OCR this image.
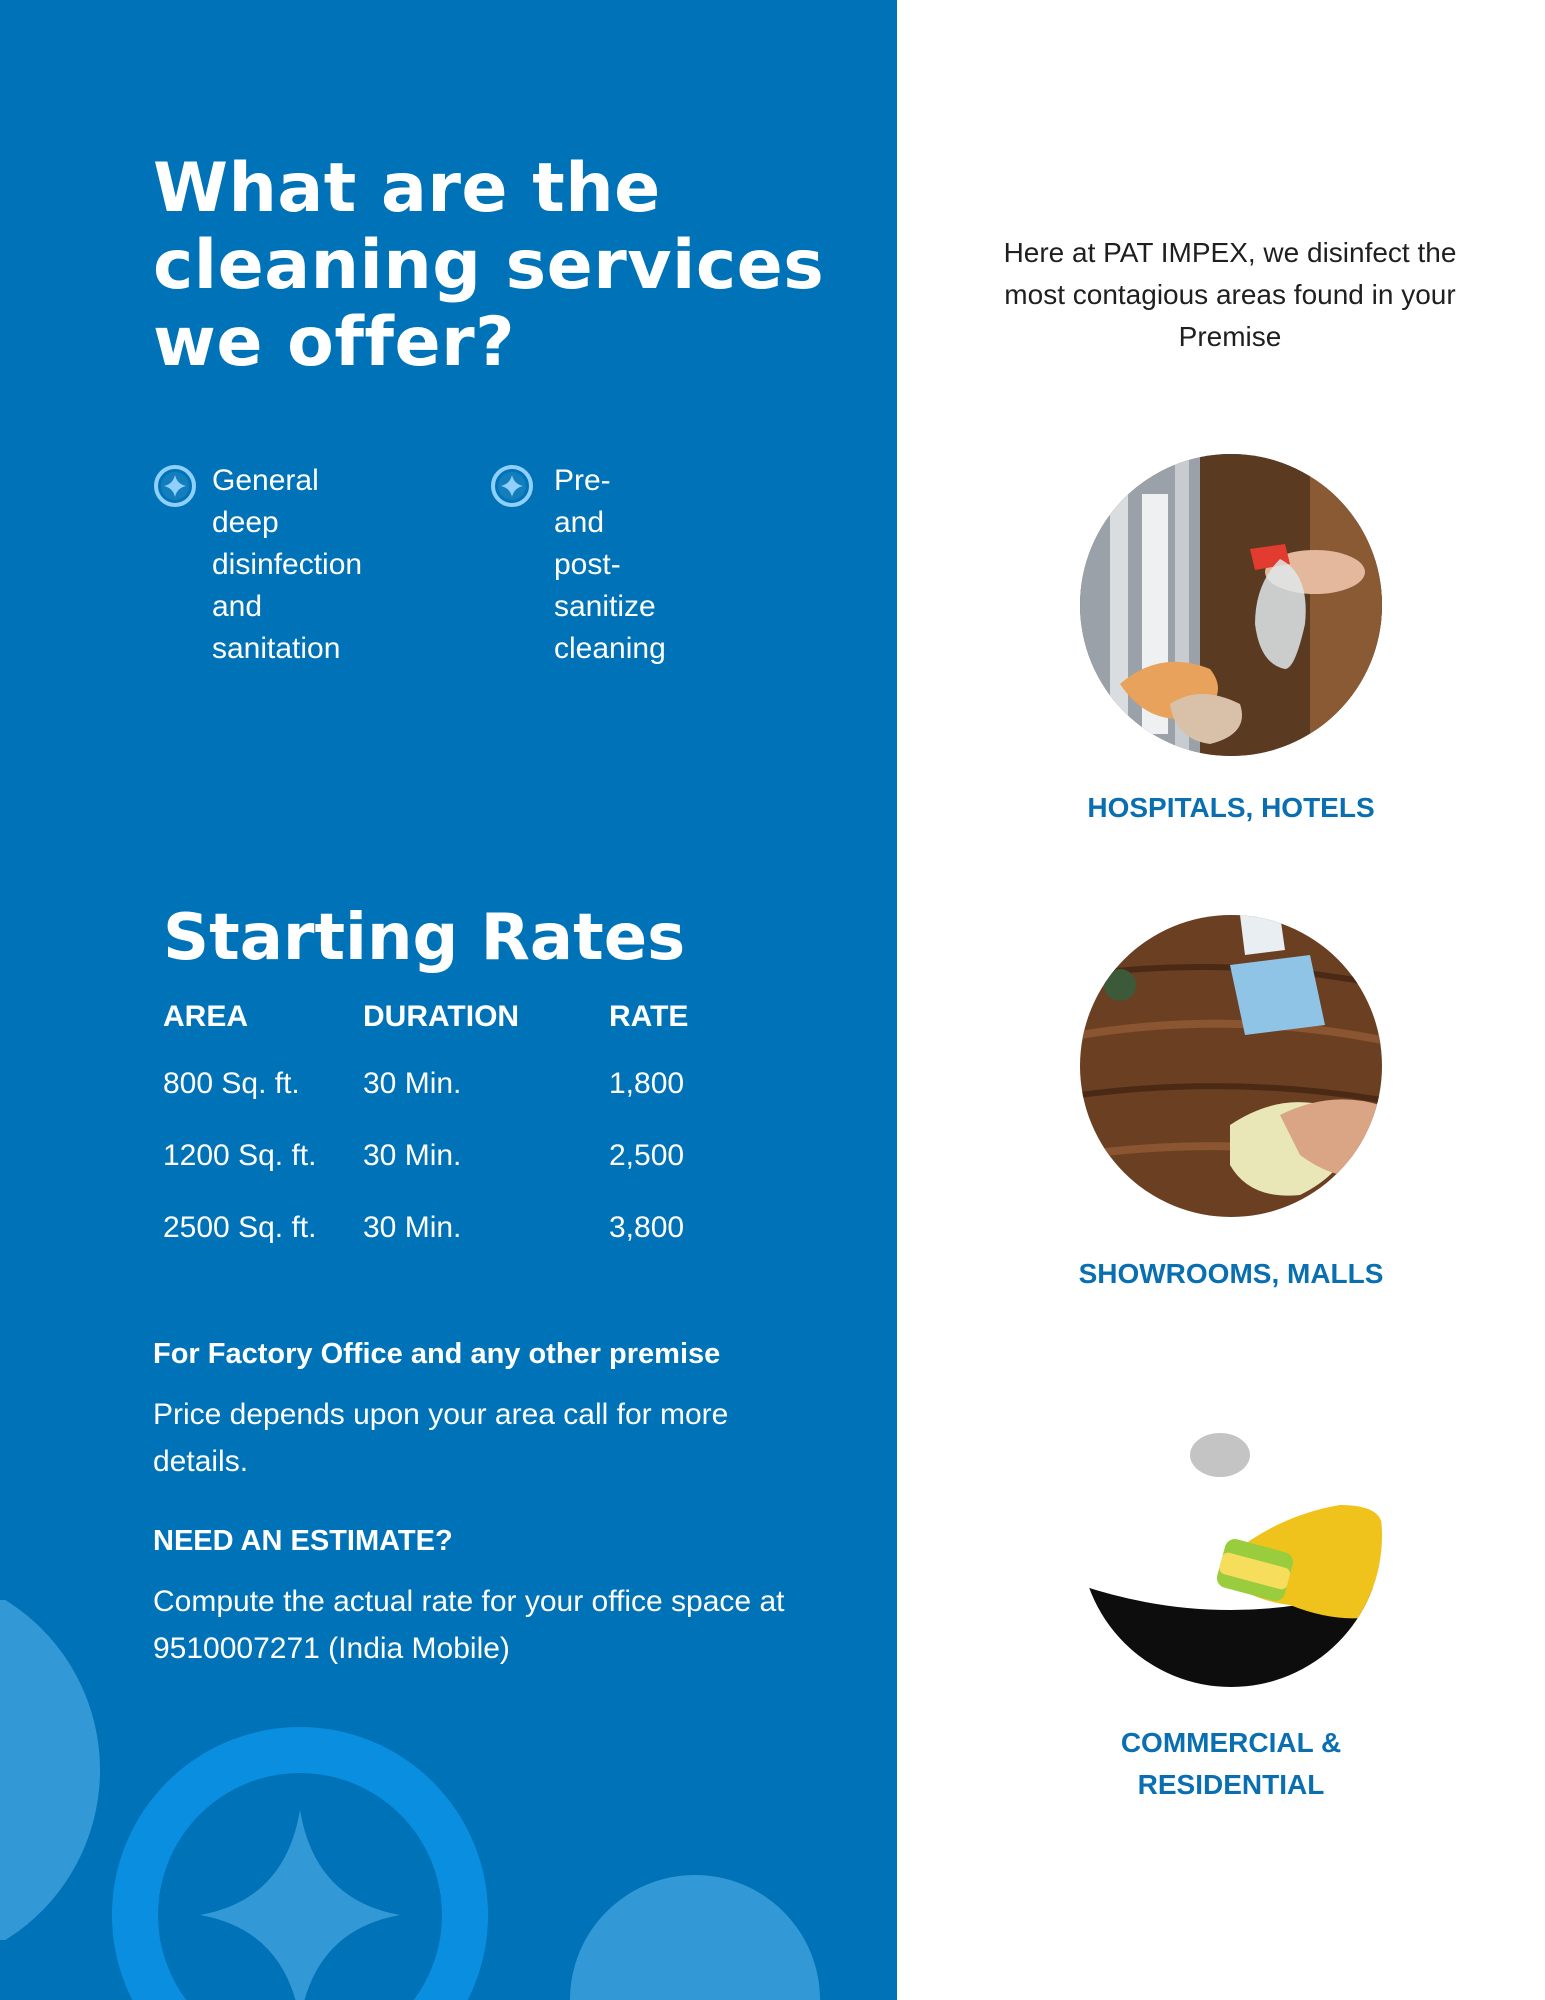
What are the cleaning services we offer?
General deep
disinfection
and sanitation
Pre- and post-
sanitize
cleaning
Starting Rates
AREA	DURATION	RATE
800 Sq. ft. 30 Min.	1,800
1200 Sq. ft. 30 Min.	2,500
2500 Sq. ft. 30 Min.	3,800
For Factory Office and any other premise
Price depends upon your area call for more details.
NEED AN ESTIMATE?
Compute the actual rate for your office space at 9510007271 (India Mobile)
Here at PAT IMPEX, we disinfect the most contagious areas found in your Premise
HOSPITALS, HOTELS
SHOWROOMS, MALLS
COMMERCIAL & RESIDENTIAL
